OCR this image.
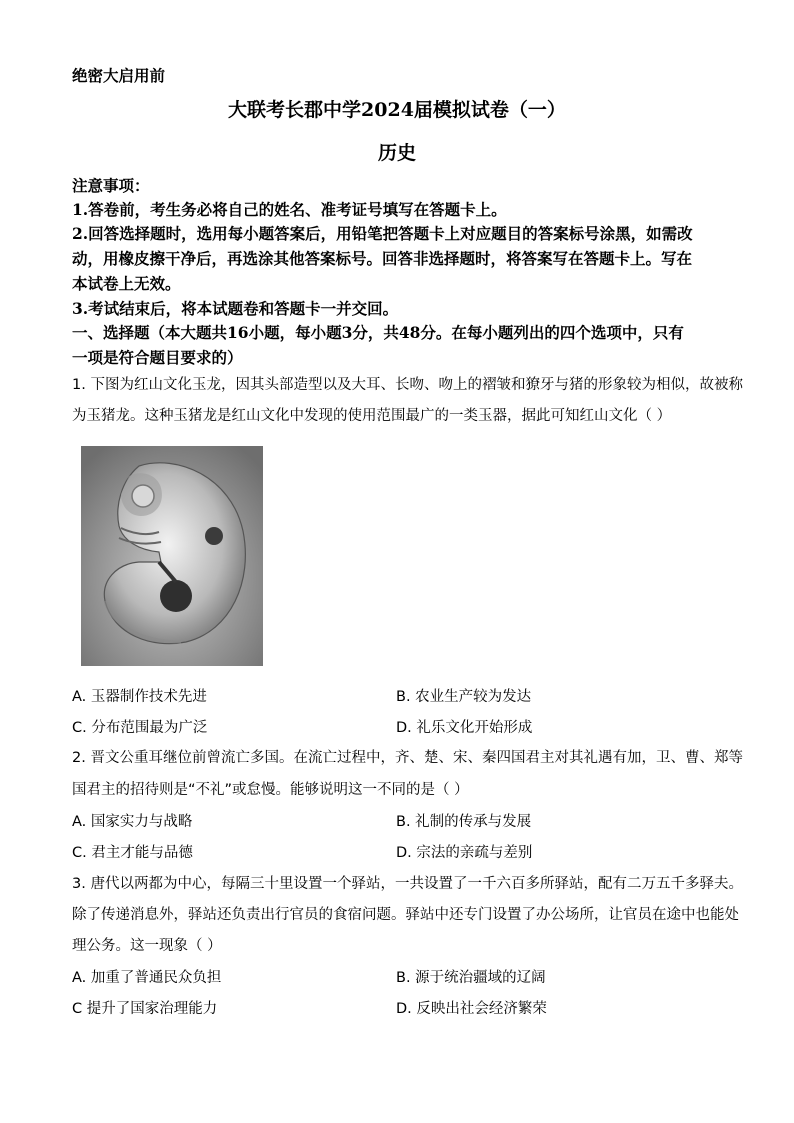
绝密大启用前
大联考长郡中学2024届模拟试卷（一）
历史
注意事项：
1.答卷前，考生务必将自己的姓名、准考证号填写在答题卡上。
2.回答选择题时，选用每小题答案后，用铅笔把答题卡上对应题目的答案标号涂黑，如需改
动，用橡皮擦干净后，再选涂其他答案标号。回答非选择题时，将答案写在答题卡上。写在
本试卷上无效。
3.考试结束后，将本试题卷和答题卡一并交回。
一、选择题（本大题共16小题，每小题3分，共48分。在每小题列出的四个选项中，只有
一项是符合题目要求的）
1. 下图为红山文化玉龙，因其头部造型以及大耳、长吻、吻上的褶皱和獠牙与猪的形象较为相似，故被称
为玉猪龙。这种玉猪龙是红山文化中发现的使用范围最广的一类玉器，据此可知红山文化（ ）
A. 玉器制作技术先进	B. 农业生产较为发达
C. 分布范围最为广泛	D. 礼乐文化开始形成
2. 晋文公重耳继位前曾流亡多国。在流亡过程中，齐、楚、宋、秦四国君主对其礼遇有加，卫、曹、郑等
国君主的招待则是“不礼”或怠慢。能够说明这一不同的是（ ）
A. 国家实力与战略	B. 礼制的传承与发展
C. 君主才能与品德	D. 宗法的亲疏与差别
3. 唐代以两都为中心，每隔三十里设置一个驿站，一共设置了一千六百多所驿站，配有二万五千多驿夫。
除了传递消息外，驿站还负责出行官员的食宿问题。驿站中还专门设置了办公场所，让官员在途中也能处
理公务。这一现象（ ）
A. 加重了普通民众负担	B. 源于统治疆域的辽阔
C 提升了国家治理能力	D. 反映出社会经济繁荣
